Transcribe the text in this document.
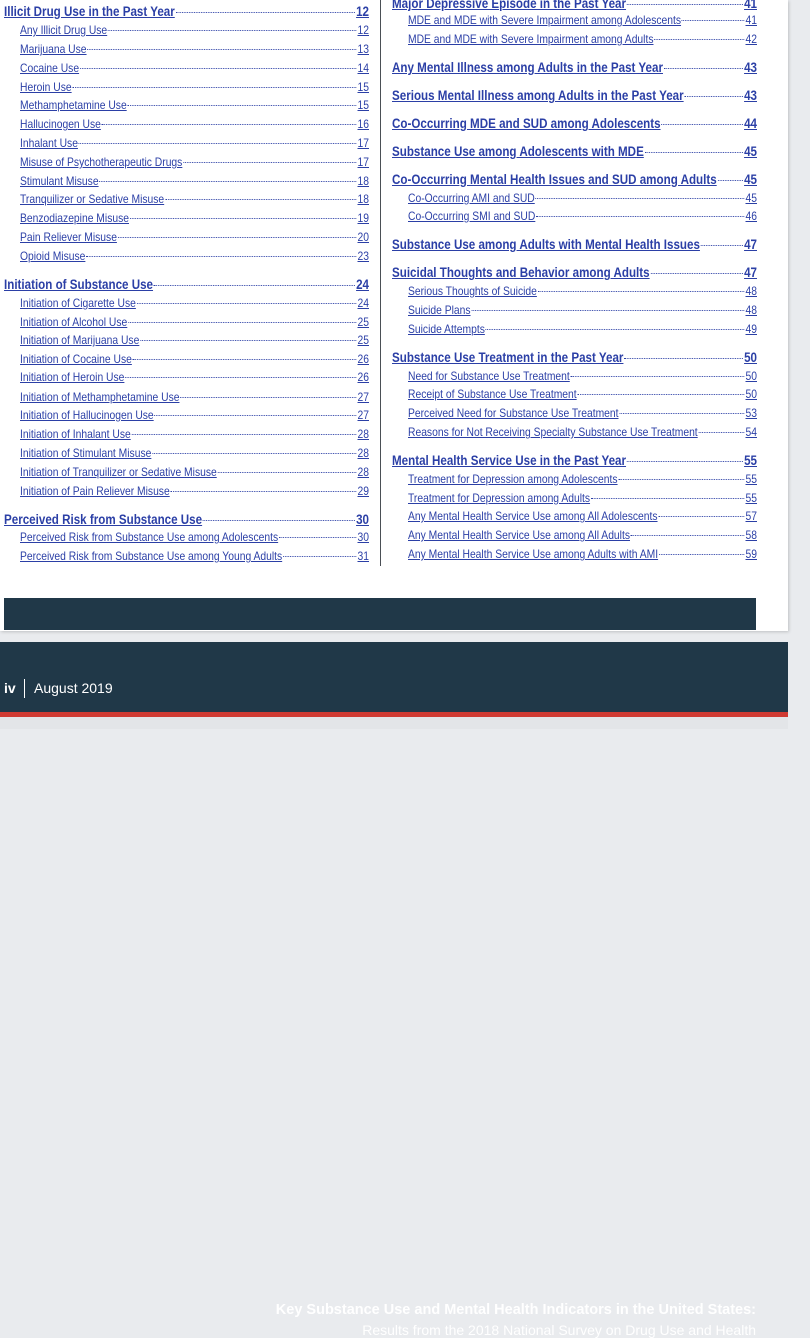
Illicit Drug Use in the Past Year	12
Any Illicit Drug Use	12
Marijuana Use	13
Cocaine Use	14
Heroin Use	15
Methamphetamine Use	15
Hallucinogen Use	16
Inhalant Use	17
Misuse of Psychotherapeutic Drugs	17
Stimulant Misuse	18
Tranquilizer or Sedative Misuse	18
Benzodiazepine Misuse	19
Pain Reliever Misuse	20
Opioid Misuse	23
Initiation of Substance Use	24
Initiation of Cigarette Use	24
Initiation of Alcohol Use	25
Initiation of Marijuana Use	25
Initiation of Cocaine Use	26
Initiation of Heroin Use	26
Initiation of Methamphetamine Use	27
Initiation of Hallucinogen Use	27
Initiation of Inhalant Use	28
Initiation of Stimulant Misuse	28
Initiation of Tranquilizer or Sedative Misuse	28
Initiation of Pain Reliever Misuse	29
Perceived Risk from Substance Use	30
Perceived Risk from Substance Use among Adolescents	30
Perceived Risk from Substance Use among Young Adults	31
Major Depressive Episode in the Past Year	41
MDE and MDE with Severe Impairment among Adolescents	41
MDE and MDE with Severe Impairment among Adults	42
Any Mental Illness among Adults in the Past Year	43
Serious Mental Illness among Adults in the Past Year	43
Co-Occurring MDE and SUD among Adolescents	44
Substance Use among Adolescents with MDE	45
Co-Occurring Mental Health Issues and SUD among Adults 45
Co-Occurring AMI and SUD	45
Co-Occurring SMI and SUD	46
Substance Use among Adults with Mental Health Issues	47
Suicidal Thoughts and Behavior among Adults	47
Serious Thoughts of Suicide	48
Suicide Plans	48
Suicide Attempts	49
Substance Use Treatment in the Past Year	50
Need for Substance Use Treatment	50
Receipt of Substance Use Treatment	50
Perceived Need for Substance Use Treatment	53
Reasons for Not Receiving Specialty Substance Use Treatment	54
Mental Health Service Use in the Past Year	55
Treatment for Depression among Adolescents	55
Treatment for Depression among Adults	55
Any Mental Health Service Use among All Adolescents	57
Any Mental Health Service Use among All Adults	58
Any Mental Health Service Use among Adults with AMI	59
Key Substance Use and Mental Health Indicators in the United States:
Results from the 2018 National Survey on Drug Use and Health
iv August 2019
